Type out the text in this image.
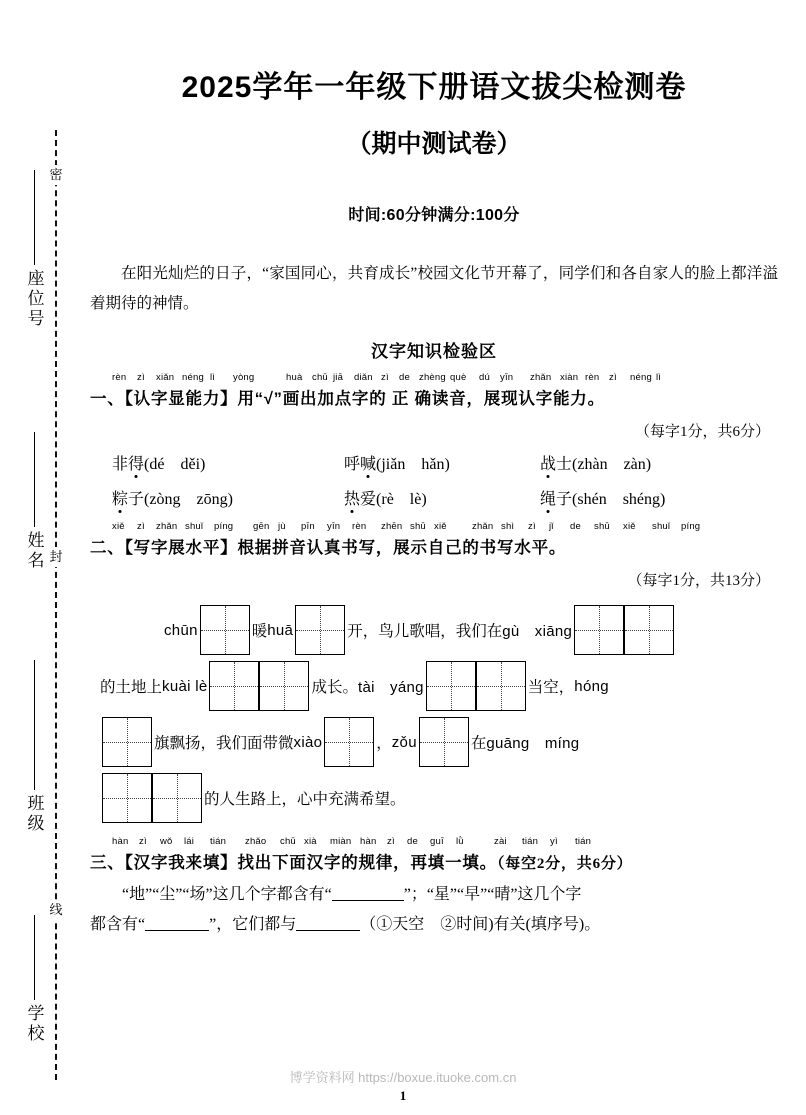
密
封
线
座位号
姓名
班级
学校
2025学年一年级下册语文拔尖检测卷
（期中测试卷）
时间:60分钟满分:100分
在阳光灿烂的日子，“家国同心，共育成长”校园文化节开幕了，同学们和各自家人的脸上都洋溢着期待的神情。
汉字知识检验区
rèn zì xiǎn néng lì yòng	huà chū jiā diǎn zì de zhèng què dú yīn zhǎn xiàn rèn zì néng lì
一、【认字显能力】用“√”画出加点字的 正 确读音，展现认字能力。
（每字1分，共6分）
非得(dé　děi)	呼喊(jiǎn　hǎn)	战士(zhàn　zàn)
粽子(zòng　zōng)	热爱(rè　lè)	绳子(shén　shéng)
xiě zì zhǎn shuǐ píng gēn jù pīn yīn rèn zhēn shū xiě	zhǎn shì zì jǐ de shū xiě shuǐ píng
二、【写字展水平】根据拼音认真书写，展示自己的书写水平。
（每字1分，共13分）
chūn	暖 huā	开，鸟儿歌唱，我们在 gù　xiāng
的土地上 kuài lè	成长。 tài　yáng	当空， hóng
旗飘扬，我们面带微 xiào	， zǒu	在 guāng　míng
的人生路上，心中充满希望。
hàn zì wǒ lái tián zhǎo chū xià miàn hàn zì de guī lǜ	zài tián yì tián
三、【汉字我来填】找出下面汉字的规律，再填一填。（每空2分，共6分）
“地”“尘”“场”这几个字都含有“	”；“星”“早”“晴”这几个字
都含有“	”，它们都与	（①天空　②时间)有关(填序号)。
博学资料网 https://boxue.ituoke.com.cn
1
